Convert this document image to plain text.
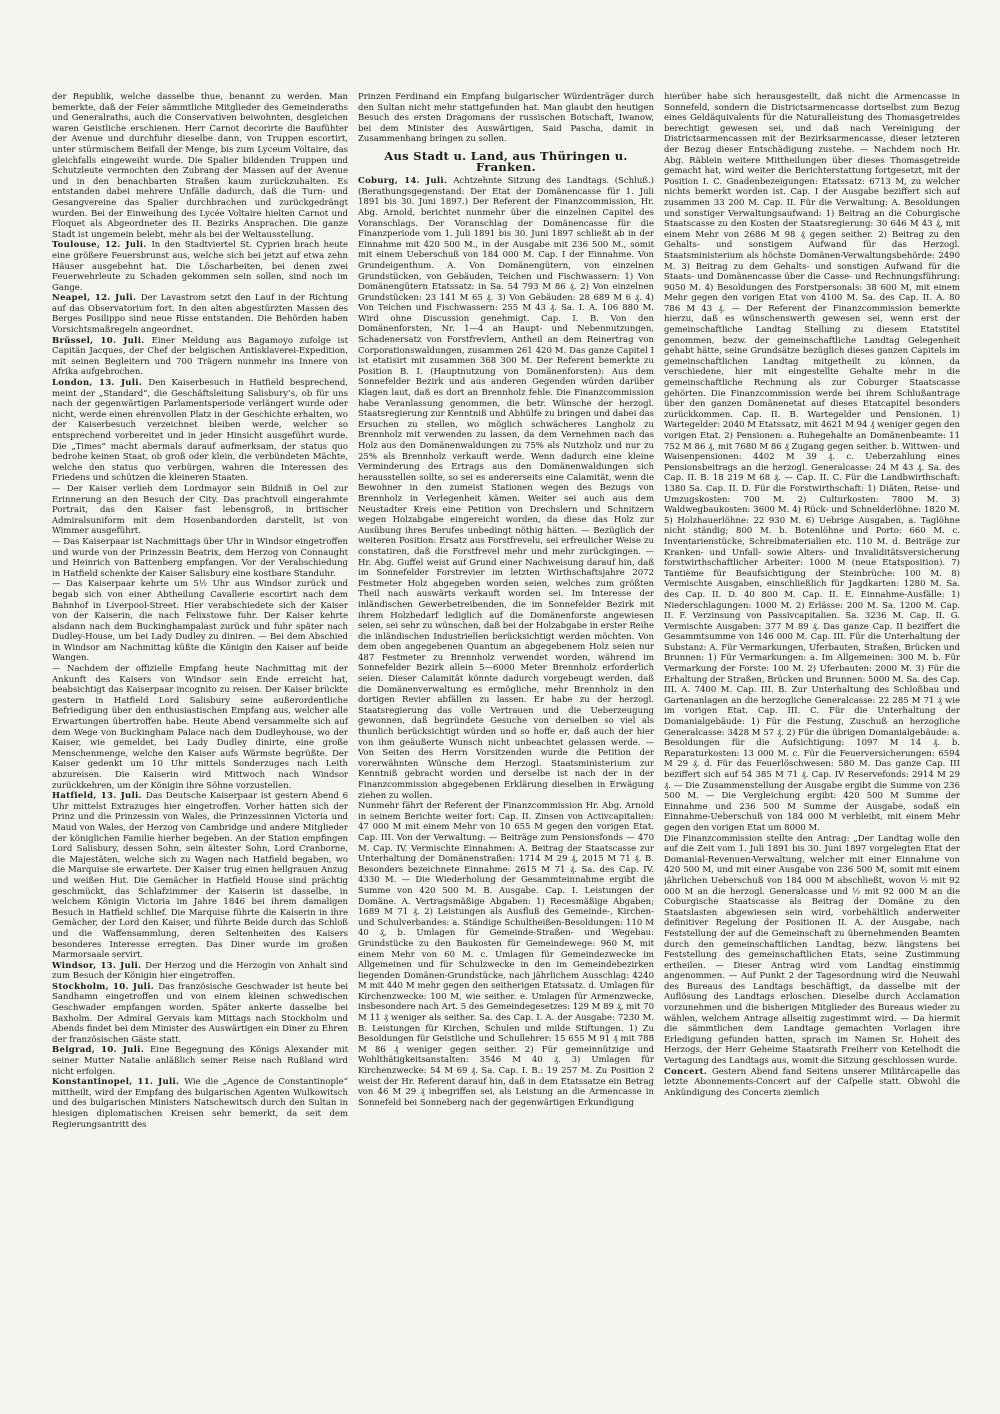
der Republik, welche dasselbe thue, benannt zu werden. Man bemerkte, daß der Feier sämmtliche Mitglieder des Gemeinderaths und Generalraths, auch die Conservativen beiwohnten, desgleichen waren Geistliche erschienen. Herr Carnot decorirte die Baufühter der Avenue und durchfuhr dieselbe dann, von Truppen escortirt, unter stürmischem Beifall der Menge, bis zum Lyceum Voltaire, das gleichfalls eingeweiht wurde. Die Spalier bildenden Truppen und Schutzleute vermochten den Zubrang der Massen auf der Avenue und in den benachbarten Straßen kaum zurückzuhalten. Es entstanden dabei mehrere Unfälle dadurch, daß die Turn- und Gesangvereine das Spalier durchbrachen und zurückgedrängt wurden. Bei der Einweihung des Lycée Voltaire hielten Carnot und Floquet als Abgeordneter des II. Bezirks Ansprachen. Die ganze Stadt ist ungemein belebt, mehr als bei der Weltausstellung.

Toulouse, 12. Juli. In den Stadtviertel St. Cyprien brach heute eine größere Feuersbrunst aus, welche sich bei jetzt auf etwa zehn Häuser ausgebehnt hat. Die Löscharbeiten, bei denen zwei Feuerwehrleute zu Schaden gekommen sein sollen, sind noch im Gange.

Neapel, 12. Juli. Der Lavastrom setzt den Lauf in der Richtung auf das Observatorium fort. In den alten abgestürzten Massen des Berges Posilippo sind neue Risse entstanden. Die Behörden haben Vorsichtsmaßregeln angeordnet.

Brüssel, 10. Juli. Einer Meldung aus Bagamoyo zufolge ist Capitän Jacques, der Chef der belgischen Antisklaverei-Expedition, mit seinen Begleitern und 700 Trägern nunmehr ins Innere von Afrika aufgebrochen.

London, 13. Juli. Den Kaiserbesuch in Hatfield besprechend, meint der „Standard“, die Geschäftsleitung Salisbury’s, ob für uns nach der gegenwärtigen Parlamentsperiode verlängert wurde oder nicht, werde einen ehrenvollen Platz in der Geschichte erhalten, wo der Kaiserbesuch verzeichnet bleiben werde, welcher so entsprechend vorbereitet und in jeder Hinsicht ausgeführt wurde. Die „Times“ macht abermals darauf aufmerksam, der status quo bedrohe keinen Staat, ob groß oder klein, die verbündeten Mächte, welche den status quo verbürgen, wahren die Interessen des Friedens und schützen die kleineren Staaten.

— Der Kaiser verlieh dem Lordmayor sein Bildniß in Oel zur Erinnerung an den Besuch der City. Das prachtvoll eingerahmte Portrait, das den Kaiser fast lebensgroß, in britischer Admiralsuniform mit dem Hosenbandorden darstellt, ist von Wimmer ausgeführt.

— Das Kaiserpaar ist Nachmittags über Uhr in Windsor eingetroffen und wurde von der Prinzessin Beatrix, dem Herzog von Connaught und Heinrich von Battenberg empfangen. Vor der Verabschiedung in Hatfield schenkte der Kaiser Salisbury eine kostbare Standuhr.

— Das Kaiserpaar kehrte um 5½ Uhr aus Windsor zurück und begab sich von einer Abtheilung Cavallerie escortirt nach dem Bahnhof in Liverpool-Street. Hier verabschiedete sich der Kaiser von der Kaiserin, die nach Felixstowe fuhr. Der Kaiser kehrte alsdann nach dem Buckinghampalast zurück und fuhr später nach Dudley-House, um bei Lady Dudley zu diniren. — Bei dem Abschied in Windsor am Nachmittag küßte die Königin den Kaiser auf beide Wangen.

— Nachdem der offizielle Empfang heute Nachmittag mit der Ankunft des Kaisers von Windsor sein Ende erreicht hat, beabsichtigt das Kaiserpaar incognito zu reisen. Der Kaiser brückte gestern in Hatfield Lord Salisbury seine außerordentliche Befriedigung über den enthusiastischen Empfang aus, welcher alle Erwartungen übertroffen habe. Heute Abend versammelte sich auf dem Wege von Buckingham Palace nach dem Dudleyhouse, wo der Kaiser, wie gemeldet, bei Lady Dudley dinirte, eine große Menschenmenge, welche den Kaiser aufs Wärmste begrüßte. Der Kaiser gedenkt um 10 Uhr mittels Sonderzuges nach Leith abzureisen. Die Kaiserin wird Mittwoch nach Windsor zurückkehren, um der Königin ihre Söhne vorzustellen.

Hatfield, 13. Juli. Das Deutsche Kaiserpaar ist gestern Abend 6 Uhr mittelst Extrazuges hier eingetroffen. Vorher hatten sich der Prinz und die Prinzessin von Wales, die Prinzessinnen Victoria und Maud von Wales, der Herzog von Cambridge und andere Mitglieder der königlichen Familie hierher begeben. An der Station empfingen Lord Salisbury, dessen Sohn, sein ältester Sohn, Lord Cranborne, die Majestäten, welche sich zu Wagen nach Hatfield begaben, wo die Marquise sie erwartete. Der Kaiser trug einen hellgrauen Anzug und weißen Hut. Die Gemächer in Hatfield House sind prächtig geschmückt, das Schlafzimmer der Kaiserin ist dasselbe, in welchem Königin Victoria im Jahre 1846 bei ihrem damaligen Besuch in Hatfield schlief. Die Marquise führte die Kaiserin in ihre Gemächer, der Lord den Kaiser, und führte Beide durch das Schloß und die Waffensammlung, deren Seltenheiten des Kaisers besonderes Interesse erregten. Das Diner wurde im großen Marmorsaale servirt.

Windsor, 13. Juli. Der Herzog und die Herzogin von Anhalt sind zum Besuch der Königin hier eingetroffen.

Stockholm, 10. Juli. Das französische Geschwader ist heute bei Sandhamn eingetroffen und von einem kleinen schwedischen Geschwader empfangen worden. Später ankerte dasselbe bei Baxholm. Der Admiral Gervais kam Mittags nach Stockholm und Abends findet bei dem Minister des Auswärtigen ein Diner zu Ehren der französischen Gäste statt.

Belgrad, 10. Juli. Eine Begegnung des Königs Alexander mit seiner Mutter Natalie anläßlich seiner Reise nach Rußland wird nicht erfolgen.

Konstantinopel, 11. Juli. Wie die „Agence de Constantinople“ mittheilt, wird der Empfang des bulgarischen Agenten Wulkowitsch und des bulgarischen Ministers Natschewitsch durch den Sultan in hiesigen diplomatischen Kreisen sehr bemerkt, da seit dem Regierungsantritt des

Prinzen Ferdinand ein Empfang bulgarischer Würdenträger durch den Sultan nicht mehr stattgefunden hat. Man glaubt den heutigen Besuch des ersten Dragomans der russischen Botschaft, Iwanow, bei dem Minister des Auswärtigen, Said Pascha, damit in Zusammenhang bringen zu sollen.

Aus Stadt u. Land, aus Thüringen u. Franken.

Coburg, 14. Juli. Achtzehnte Sitzung des Landtags. (Schluß.) (Berathungsgegenstand: Der Etat der Domänencasse für 1. Juli 1891 bis 30. Juni 1897.) Der Referent der Finanzcommission, Hr. Abg. Arnold, berichtet nunmehr über die einzelnen Capitel des Voranschlags. Der Voranschlag der Domänencasse für die Finanzperiode vom 1. Juli 1891 bis 30. Juni 1897 schließt ab in der Einnahme mit 420 500 M., in der Ausgabe mit 236 500 M., somit mit einem Ueberschuß von 184 000 M. Cap. I der Einnahme. Von Grundeigenthum. A. Von Domänengütern, von einzelnen Grundstücken, von Gebäuden, Teichen und Fischwassern: 1) Von Domänengütern Etatssatz: in Sa. 54 793 M 86 ₰. 2) Von einzelnen Grundstücken: 23 141 M 65 ₰. 3) Von Gebäuden: 28 689 M 6 ₰. 4) Von Teichen und Fischwassern: 255 M 43 ₰. Sa. I. A. 106 880 M. Wird ohne Discussion genehmigt. Cap. I. B. Von den Domänenforsten, Nr. 1—4 an Haupt- und Nebennutzungen, Schadenersatz von Forstfrevlern, Antheil an dem Reinertrag von Corporationswaldungen, zusammen 261 420 M. Das ganze Capitel I ist etatisirt mit zusammen 368 300 M. Der Referent bemerkte zu Position B. I. (Hauptnutzung von Domänenforsten): Aus dem Sonnefelder Bezirk und aus anderen Gegenden würden darüber Klagen laut, daß es dort an Brennholz fehle. Die Finanzcommission habe Veranlassung genommen, die betr. Wünsche der herzogl. Staatsregierung zur Kenntniß und Abhülfe zu bringen und dabei das Ersuchen zu stellen, wo möglich schwächeres Langholz zu Brennholz mit verwenden zu lassen, da dem Vernehmen nach das Holz aus den Domänenwaldungen zu 75% als Nutzholz und nur zu 25% als Brennholz verkauft werde. Wenn dadurch eine kleine Verminderung des Ertrags aus den Domänenwaldungen sich herausstellen sollte, so sei es andererseits eine Calamität, wenn die Bewohner in den zumeist Stationen wegen des Bezugs von Brennholz in Verlegenheit kämen. Weiter sei auch aus dem Neustadter Kreis eine Petition von Drechslern und Schnitzern wegen Holzabgabe eingereicht worden, da diese das Holz zur Ausübung ihres Berufes unbedingt nöthig hätten. — Bezüglich der weiteren Position: Ersatz aus Forstfrevelu, sei erfreulicher Weise zu constatiren, daß die Forstfrevel mehr und mehr zurückgingen. — Hr. Abg. Guffel weist auf Grund einer Nachweisung darauf hin, daß im Sonnefelder Forstrevier im letzten Wirthschaftsjahre 2072 Festmeter Holz abgegeben worden seien, welches zum größten Theil nach auswärts verkauft worden sei. Im Interesse der inländischen Gewerbetreibenden, die im Sonnefelder Bezirk mit ihrem Holzbedarf lediglich auf die Domänenforste angewiesen seien, sei sehr zu wünschen, daß bei der Holzabgabe in erster Reihe die inländischen Industriellen berücksichtigt werden möchten. Von dem oben angegebenen Quantum an abgegebenem Holz seien nur 487 Festmeter zu Brennholz verwendet worden, während im Sonnefelder Bezirk allein 5—6000 Meter Brennholz erforderlich seien. Dieser Calamität könnte dadurch vorgebeugt werden, daß die Domänenverwaltung es ermögliche, mehr Brennholz in den dortigen Revier abfällen zu lassen. Er habe zu der herzogl. Staatsregierung das volle Vertrauen und die Ueberzeugung gewonnen, daß begründete Gesuche von derselben so viel als thunlich berücksichtigt würden und so hoffe er, daß auch der hier von ihm geäußerte Wunsch nicht unbeachtet gelassen werde. — Von Seiten des Herrn Vorsitzenden wurde die Petition der vorerwähnten Wünsche dem Herzogl. Staatsministerium zur Kenntniß gebracht worden und derselbe ist nach der in der Finanzcommission abgegebenen Erklärung dieselben in Erwägung ziehen zu wollen.

Nunmehr fährt der Referent der Finanzcommission Hr. Abg. Arnold in seinem Berichte weiter fort: Cap. II. Zinsen von Activcapitalien: 47 000 M mit einem Mehr von 10 655 M gegen den vorigen Etat. Cap. III. Von der Verwaltung: — Beiträge zum Pensionsfonds — 470 M. Cap. IV. Vermischte Einnahmen: A. Beitrag der Staatscasse zur Unterhaltung der Domänenstraßen: 1714 M 29 ₰, 2015 M 71 ₰. B. Besonders bezeichnete Einnahme: 2615 M 71 ₰. Sa. des Cap. IV. 4330 M. — Die Wiederholung der Gesammteinnahme ergibt die Summe von 420 500 M. B. Ausgabe. Cap. I. Leistungen der Domäne. A. Vertragsmäßige Abgaben: 1) Recesmäßige Abgaben; 1689 M 71 ₰. 2) Leistungen als Ausfluß des Gemeinde-, Kirchen- und Schulverbandes: a. Ständige Schultheißen-Besoldungen: 110 M 40 ₰, b. Umlagen für Gemeinde-Straßen- und Wegebau: Grundstücke zu den Baukosten für Gemeindewege: 960 M, mit einem Mehr von 60 M. c. Umlagen für Gemeindezwecke im Allgemeinen und für Schulzwecke in den im Gemeindebezirken liegenden Domänen-Grundstücke, nach jährlichem Ausschlag: 4240 M mit 440 M mehr gegen den seitherigen Etatssatz. d. Umlagen für Kirchenzwecke: 100 M, wie seither. e. Umlagen für Armenzwecke, insbesondere nach Art. 5 des Gemeindegesetzes: 129 M 89 ₰, mit 70 M 11 ₰ weniger als seither. Sa. des Cap. I. A. der Ausgabe: 7230 M. B. Leistungen für Kirchen, Schulen und milde Stiftungen. 1) Zu Besoldungen für Geistliche und Schullehrer: 15 655 M 91 ₰ mit 788 M 86 ₰ weniger gegen seither. 2) Für gemeinnützige und Wohlthätigkeitsanstalten: 3546 M 40 ₰. 3) Umlagen für Kirchenzwecke: 54 M 69 ₰. Sa. Cap. I. B.: 19 257 M. Zu Position 2 weist der Hr. Referent darauf hin, daß in dem Etatssatze ein Betrag von 46 M 29 ₰ inbegriffen sei, als Leistung an die Armencasse in Sonnefeld bei Sonneberg nach der gegenwärtigen Erkundigung

hierüber habe sich herausgestellt, daß nicht die Armencasse in Sonnefeld, sondern die Districtsarmencasse dortselbst zum Bezug eines Geldäquivalents für die Naturalleistung des Thomasgetreides berechtigt gewesen sei, und daß nach Vereinigung der Districtsarmencassen mit der Bezirksarmencasse, dieser letzteren der Bezug dieser Entschädigung zustehe. — Nachdem noch Hr. Abg. Räblein weitere Mittheilungen über dieses Thomasgetreide gemacht hat, wird weiter die Berichterstattung fortgesetzt, mit der Position I. C. Gnadenbezeigungen: Etatssatz: 6713 M, zu welcher nichts bemerkt worden ist. Cap. I der Ausgabe beziffert sich auf zusammen 33 200 M. Cap. II. Für die Verwaltung: A. Besoldungen und sonstiger Verwaltungsaufwand: 1) Beitrag an die Coburgische Staatscasse zu den Kosten der Staatsregierung: 30 646 M 43 ₰, mit einem Mehr von 2686 M 98 ₰ gegen seither. 2) Beitrag zu den Gehalts- und sonstigem Aufwand für das Herzogl. Staatsministerium als höchste Domänen-Verwaltungsbehörde: 2490 M. 3) Beitrag zu dem Gehalts- und sonstigen Aufwand für die Staats- und Domänencasse über die Casse- und Rechnungsführung: 9050 M. 4) Besoldungen des Forstpersonals: 38 600 M, mit einem Mehr gegen den vorigen Etat von 4100 M. Sa. des Cap. II. A. 80 786 M 43 ₰. — Der Referent der Finanzcommission bemerkte hierzu, daß es wünschenswerth gewesen sei, wenn erst der gemeinschaftliche Landtag Stellung zu diesem Etatstitel genommen, bezw. der gemeinschaftliche Landtag Gelegenheit gehabt hätte, seine Grundsätze bezüglich dieses ganzen Capitels im gemeinschaftlichen Landtag mitgetheilt zu können, da verschiedene, hier mit eingestellte Gehalte mehr in die gemeinschaftliche Rechnung als zur Coburger Staatscasse gehörten. Die Finanzcommission werde bei ihrem Schlußantrage über den ganzen Domänenetat auf dieses Etatcapitel besonders zurückkommen. Cap. II. B. Wartegelder und Pensionen. 1) Wartegelder: 2040 M Etatssatz, mit 4621 M 94 ₰ weniger gegen den vorigen Etat. 2) Pensionen: a. Ruhegehalte an Domänenbeamte: 11 752 M 86 ₰, mit 7680 M 86 ₰ Zugang gegen seither. b. Wittwen- und Waisenpensionen: 4402 M 39 ₰. c. Ueberzahlung eines Pensionsbeitrags an die herzogl. Generalcasse: 24 M 43 ₰. Sa. des Cap. II. B. 18 219 M 68 ₰. — Cap. II. C. Für die Landbwirthschaft: 1380 Sa. Cap. II. D. Für die Forstwirthschaft: 1) Diäten, Reise- und Umzugskosten: 700 M. 2) Culturkosten: 7800 M. 3) Waldwegbaukosten: 3600 M. 4) Rück- und Schnelderlöhne: 1820 M. 5) Holzhauerlöhne: 22 930 M. 6) Uebrige Ausgaben, a. Taglöhne nicht ständig; 800 M. b. Botenlöhne und Porto: 660 M. c. Inventarienstücke, Schreibmaterialien etc. 110 M. d. Beiträge zur Kranken- und Unfall- sowie Alters- und Invaliditätsversicherung forstwirthschaftlicher Arbeiter: 1000 M (neue Etatsposition). 7) Tantième für Beaufsichtigung der Steinbrüche: 100 M. 8) Vermischte Ausgaben, einschließlich für Jagdkarten: 1280 M. Sa. des Cap. II. D. 40 800 M. Cap. II. E. Einnahme-Ausfälle: 1) Niederschlagungen: 1000 M. 2) Erlässe: 200 M. Sa. 1200 M. Cap. II. F. Verzinsung von Passivcapitalien. Sa. 3236 M. Cap. II. G. Vermischte Ausgaben: 377 M 89 ₰. Das ganze Cap. II beziffert die Gesammtsumme von 146 000 M. Cap. III. Für die Unterhaltung der Substanz: A. Für Vermarkungen, Uferbauten, Straßen, Brücken und Brunnen: 1) Für Vermarkungen: a. Im Allgemeinen: 300 M. b. Für Vermarkung der Forste: 100 M. 2) Uferbauten: 2000 M. 3) Für die Erhaltung der Straßen, Brücken und Brunnen: 5000 M. Sa. des Cap. III. A. 7400 M. Cap. III. B. Zur Unterhaltung des Schloßbau und Gartenanlagen an die herzogliche Generalcasse: 22 285 M 71 ₰ wie im vorigen Etat. Cap. III. C. Für die Unterhaltung der Domanialgebäude: 1) Für die Festung, Zuschuß an herzogliche Generalcasse: 3428 M 57 ₰. 2) Für die übrigen Domanialgebäude: a. Besoldungen für die Aufsichtigung: 1097 M 14 ₰. b. Reparaturkosten: 13 000 M. c. Für die Feuerversicherungen: 6594 M 29 ₰. d. Für das Feuerlöschwesen: 580 M. Das ganze Cap. III beziffert sich auf 54 385 M 71 ₰. Cap. IV Reservefonds: 2914 M 29 ₰. — Die Zusammenstellung der Ausgabe ergibt die Summe von 236 500 M. — Die Vergleichung ergibt: 420 500 M Summe der Einnahme und 236 500 M Summe der Ausgabe, sodaß ein Einnahme-Ueberschuß von 184 000 M verbleibt, mit einem Mehr gegen den vorigen Etat um 8000 M.

Die Finanzcommission stellte den Antrag: „Der Landtag wolle den auf die Zeit vom 1. Juli 1891 bis 30. Juni 1897 vorgelegten Etat der Domanial-Revenuen-Verwaltung, welcher mit einer Einnahme von 420 500 M, und mit einer Ausgabe von 236 500 M, somit mit einem jährlichen Ueberschuß von 184 000 M abschließt, wovon ½ mit 92 000 M an die herzogl. Generalcasse und ½ mit 92 000 M an die Coburgische Staatscasse als Beitrag der Domäne zu den Staatslasten abgewiesen sein wird, vorbehältlich anderweiter definitiver Regelung der Positionen II. A. der Ausgabe, nach Feststellung der auf die Gemeinschaft zu übernehmenden Beamten durch den gemeinschaftlichen Landtag, bezw. längstens bei Feststellung des gemeinschaftlichen Etats, seine Zustimmung ertheilen. — Dieser Antrag wird vom Landtag einstimmig angenommen. — Auf Punkt 2 der Tagesordnung wird die Neuwahl des Bureaus des Landtags beschäftigt, da dasselbe mit der Auflösung des Landtags erloschen. Dieselbe durch Acclamation vorzunehmen und die bisherigen Mitglieder des Bureaus wieder zu wählen, welchem Antrage allseitig zugestimmt wird. — Da hiermit die sämmtlichen dem Landtage gemachten Vorlagen ihre Erledigung gefunden hatten, sprach im Namen Sr. Hoheit des Herzogs, der Herr Geheime Staatsrath Freiherr von Ketelhodt die Vertagung des Landtags aus, womit die Sitzung geschlossen wurde.

Concert. Gestern Abend fand Seitens unserer Militärcapelle das letzte Abonnements-Concert auf der Caſpelle statt. Obwohl die Ankündigung des Concerts ziemlich
